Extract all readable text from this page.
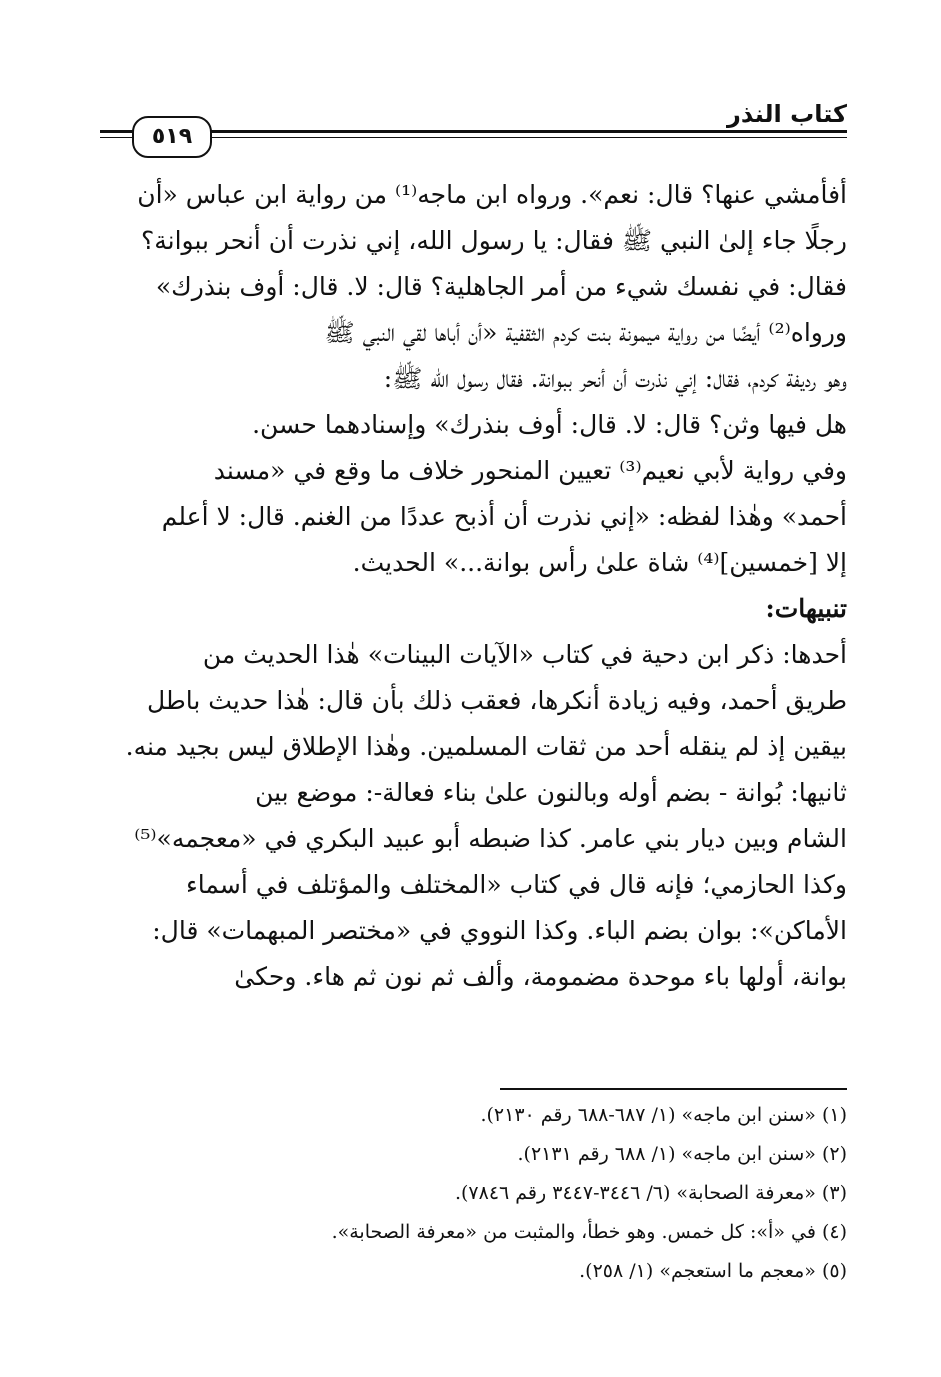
كتاب النذر
٥١٩
أفأمشي عنها؟ قال: نعم». ورواه ابن ماجه⁽¹⁾ من رواية ابن عباس «أن
رجلًا جاء إلىٰ النبي ﷺ فقال: يا رسول الله، إني نذرت أن أنحر ببوانة؟
فقال: في نفسك شيء من أمر الجاهلية؟ قال: لا. قال: أوف بنذرك»
ورواه⁽²⁾ أيضًا من رواية ميمونة بنت كردم الثقفية «أن أباها لقي النبي ﷺ
وهو رديفة كردم، فقال: إني نذرت أن أنحر ببوانة. فقال رسول الله ﷺ:
هل فيها وثن؟ قال: لا. قال: أوف بنذرك» وإسنادهما حسن.
وفي رواية لأبي نعيم⁽³⁾ تعيين المنحور خلاف ما وقع في «مسند
أحمد» وهٰذا لفظه: «إني نذرت أن أذبح عددًا من الغنم. قال: لا أعلم
إلا [خمسين]⁽⁴⁾ شاة علىٰ رأس بوانة...» الحديث.
تنبيهات:
أحدها: ذكر ابن دحية في كتاب «الآيات البينات» هٰذا الحديث من
طريق أحمد، وفيه زيادة أنكرها، فعقب ذلك بأن قال: هٰذا حديث باطل
بيقين إذ لم ينقله أحد من ثقات المسلمين. وهٰذا الإطلاق ليس بجيد منه.
ثانيها: بُوانة - بضم أوله وبالنون علىٰ بناء فعالة-: موضع بين
الشام وبين ديار بني عامر. كذا ضبطه أبو عبيد البكري في «معجمه»⁽⁵⁾
وكذا الحازمي؛ فإنه قال في كتاب «المختلف والمؤتلف في أسماء
الأماكن»: بوان بضم الباء. وكذا النووي في «مختصر المبهمات» قال:
بوانة، أولها باء موحدة مضمومة، وألف ثم نون ثم هاء. وحكىٰ
(١) «سنن ابن ماجه» (١/ ٦٨٧-٦٨٨ رقم ٢١٣٠).
(٢) «سنن ابن ماجه» (١/ ٦٨٨ رقم ٢١٣١).
(٣) «معرفة الصحابة» (٦/ ٣٤٤٦-٣٤٤٧ رقم ٧٨٤٦).
(٤) في «أ»: كل خمس. وهو خطأ، والمثبت من «معرفة الصحابة».
(٥) «معجم ما استعجم» (١/ ٢٥٨).
